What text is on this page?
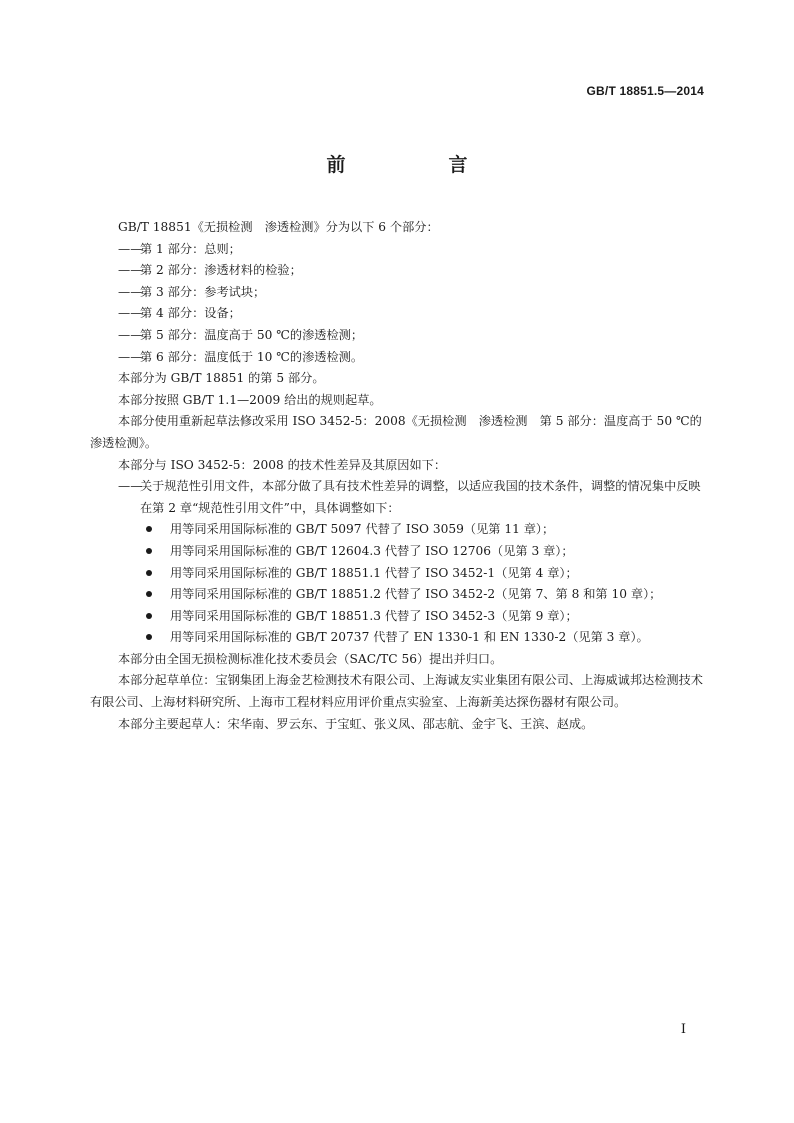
GB/T 18851.5—2014
前　言

GB/T 18851《无损检测　渗透检测》分为以下 6 个部分：

——第 1 部分：总则；

——第 2 部分：渗透材料的检验；

——第 3 部分：参考试块；

——第 4 部分：设备；

——第 5 部分：温度高于 50 ℃的渗透检测；

——第 6 部分：温度低于 10 ℃的渗透检测。

本部分为 GB/T 18851 的第 5 部分。

本部分按照 GB/T 1.1—2009 给出的规则起草。

本部分使用重新起草法修改采用 ISO 3452-5：2008《无损检测　渗透检测　第 5 部分：温度高于 50 ℃的渗透检测》。

本部分与 ISO 3452-5：2008 的技术性差异及其原因如下：

——关于规范性引用文件，本部分做了具有技术性差异的调整，以适应我国的技术条件，调整的情况集中反映在第 2 章“规范性引用文件”中，具体调整如下：

用等同采用国际标准的 GB/T 5097 代替了 ISO 3059（见第 11 章）；

用等同采用国际标准的 GB/T 12604.3 代替了 ISO 12706（见第 3 章）；

用等同采用国际标准的 GB/T 18851.1 代替了 ISO 3452-1（见第 4 章）；

用等同采用国际标准的 GB/T 18851.2 代替了 ISO 3452-2（见第 7、第 8 和第 10 章）；

用等同采用国际标准的 GB/T 18851.3 代替了 ISO 3452-3（见第 9 章）；

用等同采用国际标准的 GB/T 20737 代替了 EN 1330-1 和 EN 1330-2（见第 3 章）。

本部分由全国无损检测标准化技术委员会（SAC/TC 56）提出并归口。

本部分起草单位：宝钢集团上海金艺检测技术有限公司、上海诚友实业集团有限公司、上海威诚邦达检测技术有限公司、上海材料研究所、上海市工程材料应用评价重点实验室、上海新美达探伤器材有限公司。

本部分主要起草人：宋华南、罗云东、于宝虹、张义凤、邵志航、金宇飞、王滨、赵成。

I
